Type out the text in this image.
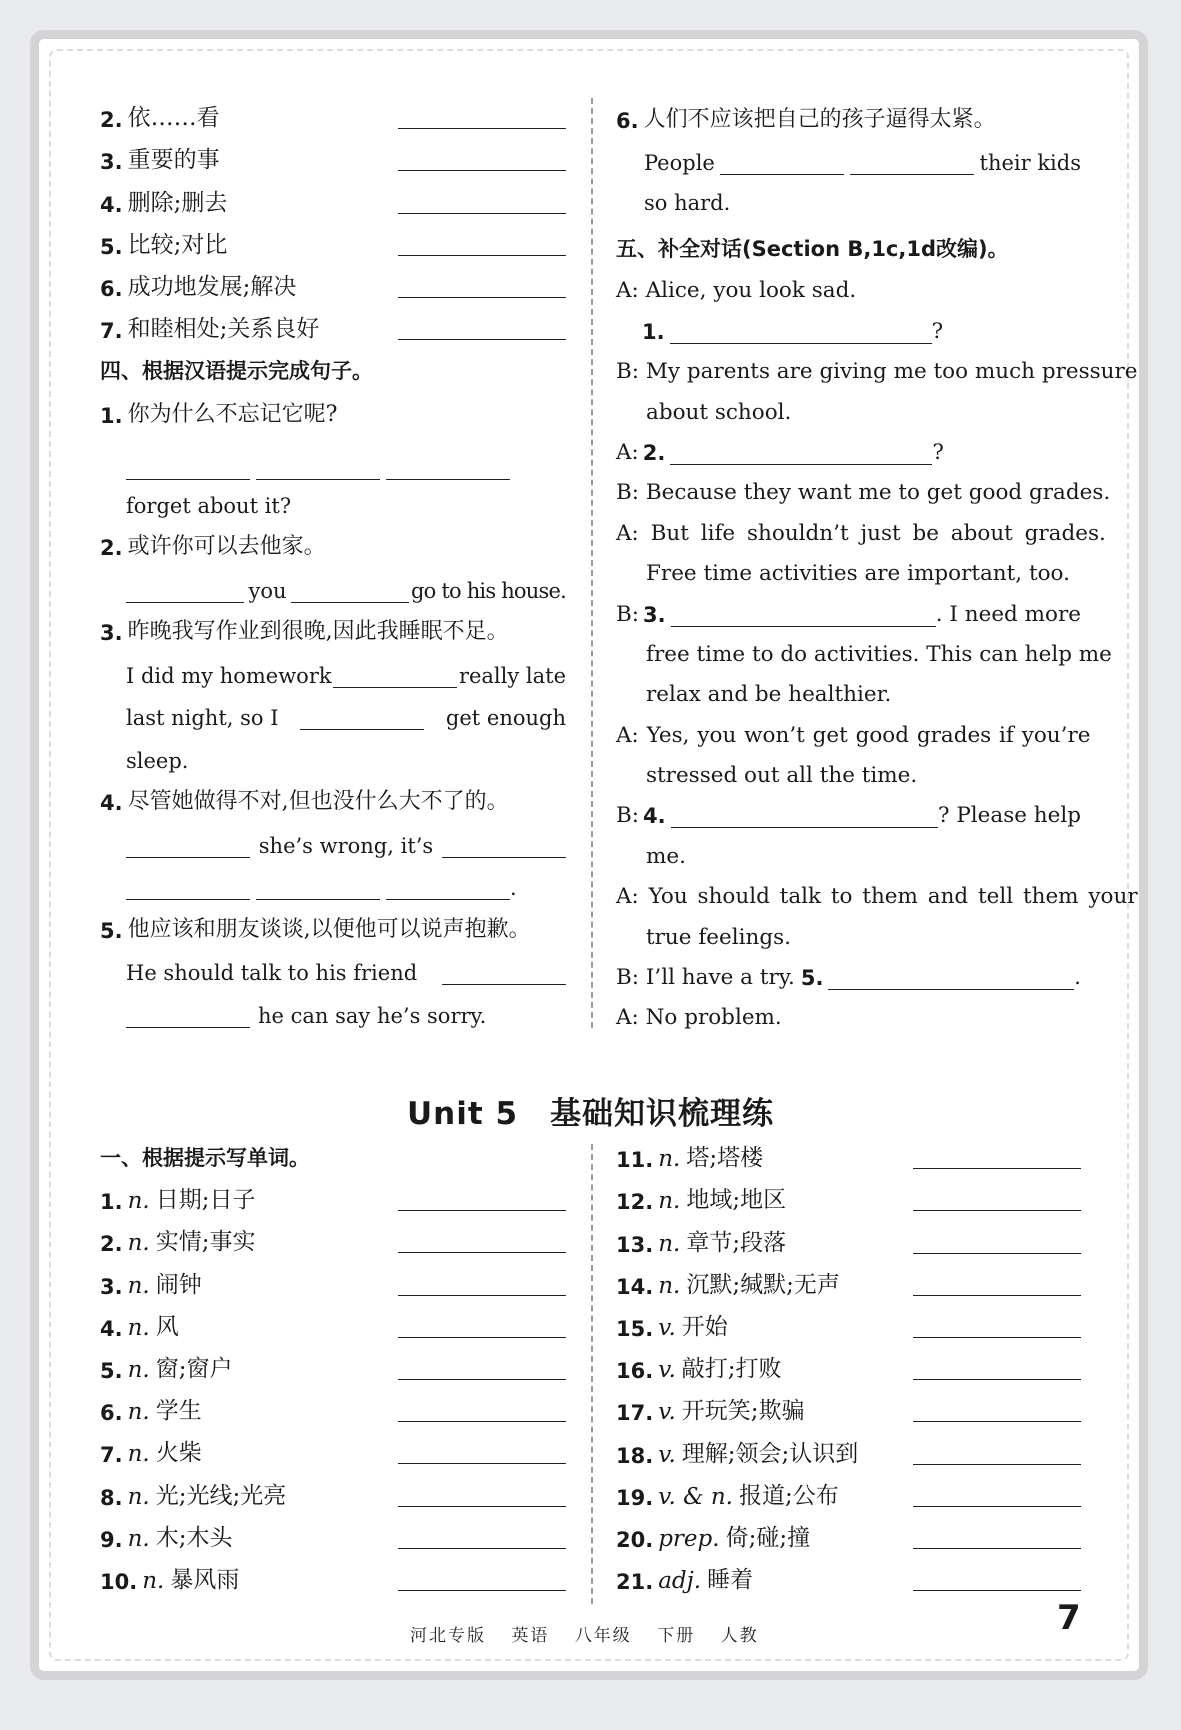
2. 依……看
3. 重要的事
4. 删除;删去
5. 比较;对比
6. 成功地发展;解决
7. 和睦相处;关系良好
四、根据汉语提示完成句子。
1. 你为什么不忘记它呢?
forget about it?
2. 或许你可以去他家。
you	go to his house.
3. 昨晚我写作业到很晚,因此我睡眠不足。
I did my homework	really late
last night, so I	get enough
sleep.
4. 尽管她做得不对,但也没什么大不了的。
she’s wrong, it’s
.
5. 他应该和朋友谈谈,以便他可以说声抱歉。
He should talk to his friend
he can say he’s sorry.
6. 人们不应该把自己的孩子逼得太紧。
People	their kids
so hard.
五、补全对话(Section B,1c,1d改编)。
A: Alice, you look sad.
1.	?
B: My parents are giving me too much pressure
about school.
A: 2.	?
B: Because they want me to get good grades.
A: But life shouldn’t just be about grades.
Free time activities are important, too.
B: 3.	. I need more
free time to do activities. This can help me
relax and be healthier.
A: Yes, you won’t get good grades if you’re
stressed out all the time.
B: 4.	? Please help
me.
A: You should talk to them and tell them your
true feelings.
B: I’ll have a try. 5.	.
A: No problem.
Unit 5　基础知识梳理练
一、根据提示写单词。
1. n. 日期;日子
2. n. 实情;事实
3. n. 闹钟
4. n. 风
5. n. 窗;窗户
6. n. 学生
7. n. 火柴
8. n. 光;光线;光亮
9. n. 木;木头
10. n. 暴风雨
11. n. 塔;塔楼
12. n. 地域;地区
13. n. 章节;段落
14. n. 沉默;缄默;无声
15. v. 开始
16. v. 敲打;打败
17. v. 开玩笑;欺骗
18. v. 理解;领会;认识到
19. v. & n. 报道;公布
20. prep. 倚;碰;撞
21. adj. 睡着
河北专版 英语 八年级 下册 人教	7
